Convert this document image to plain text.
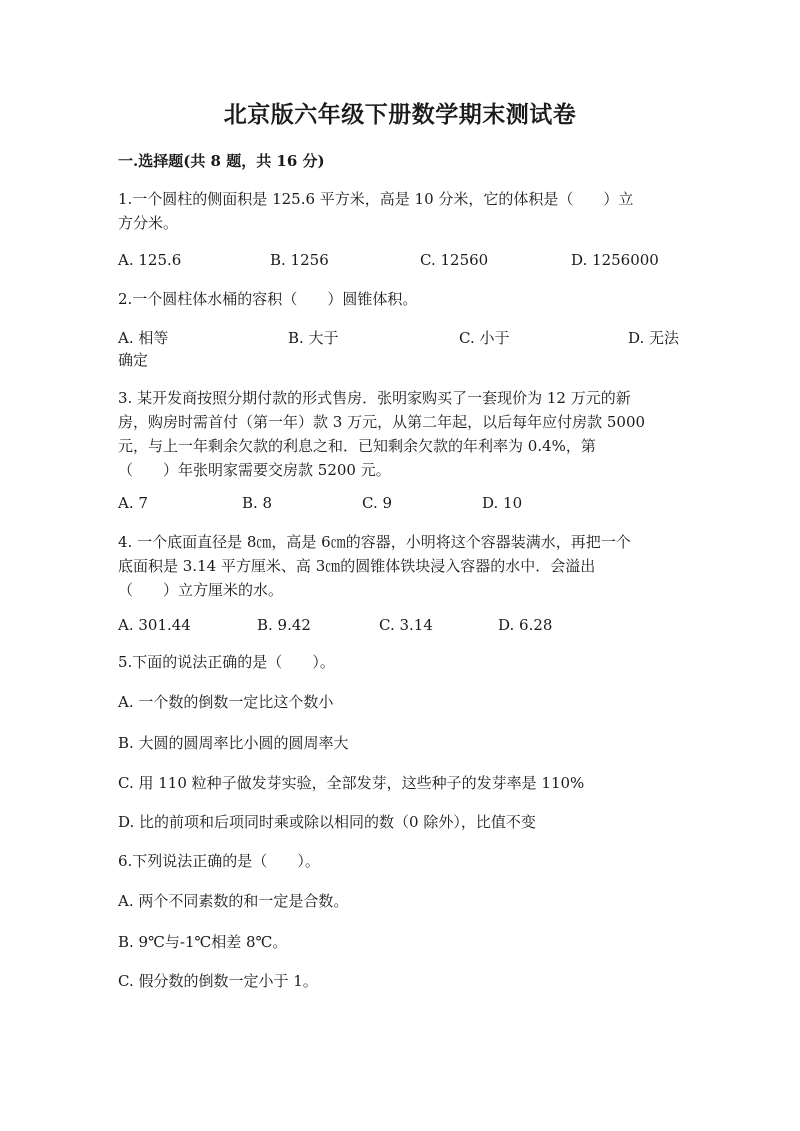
北京版六年级下册数学期末测试卷
一.选择题(共 8 题，共 16 分)
1.一个圆柱的侧面积是 125.6 平方米，高是 10 分米，它的体积是（　　）立
方分米。
A. 125.6	B. 1256	C. 12560	D. 1256000
2.一个圆柱体水桶的容积（　　）圆锥体积。
A. 相等	B. 大于	C. 小于	D. 无法
确定
3. 某开发商按照分期付款的形式售房．张明家购买了一套现价为 12 万元的新
房，购房时需首付（第一年）款 3 万元，从第二年起，以后每年应付房款 5000
元，与上一年剩余欠款的利息之和．已知剩余欠款的年利率为 0.4%，第
（　　）年张明家需要交房款 5200 元。
A. 7	B. 8	C. 9	D. 10
4. 一个底面直径是 8㎝，高是 6㎝的容器，小明将这个容器装满水，再把一个
底面积是 3.14 平方厘米、高 3㎝的圆锥体铁块浸入容器的水中．会溢出
（　　）立方厘米的水。
A. 301.44	B. 9.42	C. 3.14	D. 6.28
5.下面的说法正确的是（　　）。
A. 一个数的倒数一定比这个数小
B. 大圆的圆周率比小圆的圆周率大
C. 用 110 粒种子做发芽实验，全部发芽，这些种子的发芽率是 110%
D. 比的前项和后项同时乘或除以相同的数（0 除外），比值不变
6.下列说法正确的是（　　）。
A. 两个不同素数的和一定是合数。
B. 9℃与-1℃相差 8℃。
C. 假分数的倒数一定小于 1。
